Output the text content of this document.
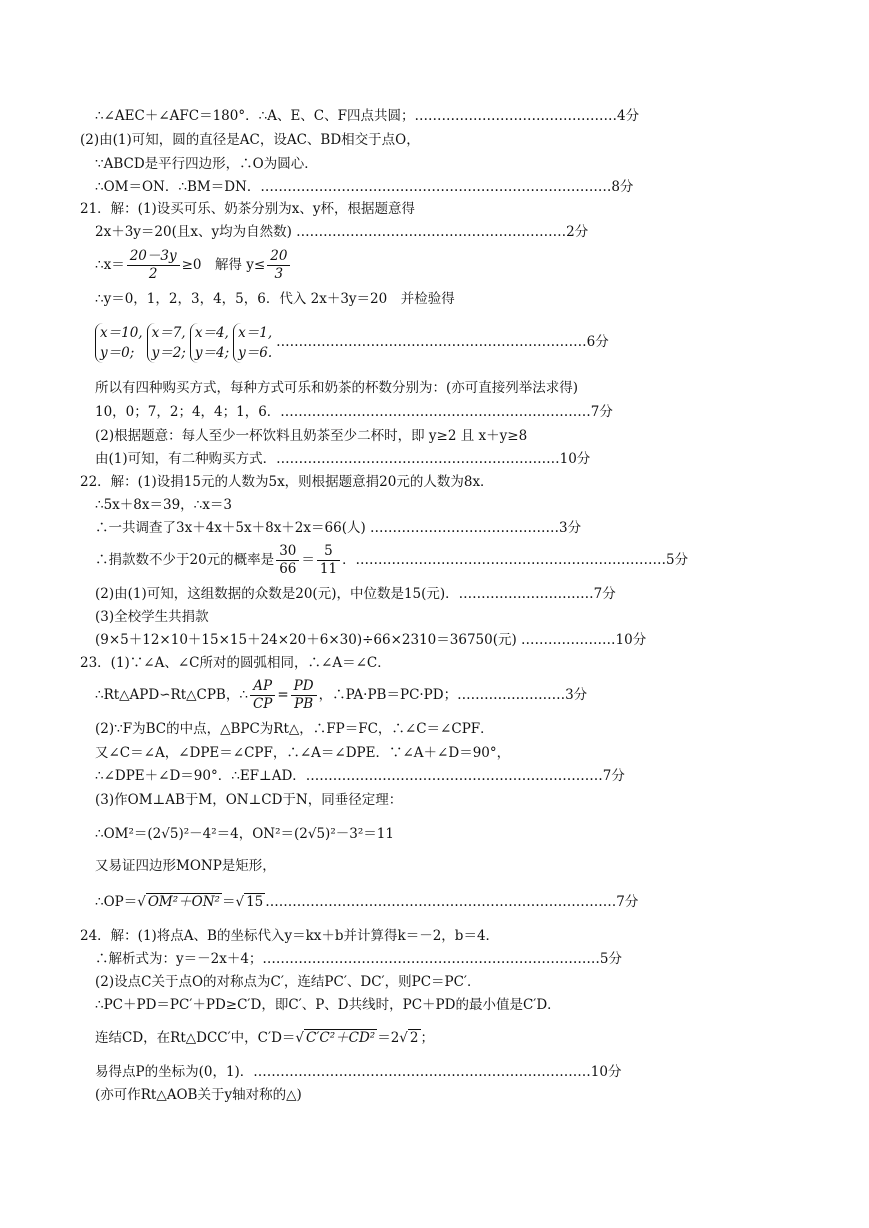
∴∠AEC＋∠AFC＝180°．∴A、E、C、F四点共圆；………………………………………4分
(2)由(1)可知，圆的直径是AC，设AC、BD相交于点O，
∵ABCD是平行四边形，∴O为圆心．
∴OM＝ON．∴BM＝DN．……………………………………………………………………8分
21．解：(1)设买可乐、奶茶分别为x、y杯，根据题意得
2x＋3y＝20(且x、y均为自然数) ……………………………………………………2分
∴x＝ $\frac{20-3y}{2} \ge 0$　解得 $y\le \frac{20}{3}$
∴y＝0，1，2，3，4，5，6．代入 2x＋3y＝20　并检验得
x＝10,
y＝0;
x＝7,
y＝2;
x＝4,
y＝4;
x＝1,
y＝6.
……………………………………………………………6分
所以有四种购买方式，每种方式可乐和奶茶的杯数分别为：(亦可直接列举法求得)
10，0；7，2；4，4；1，6．……………………………………………………………7分
(2)根据题意：每人至少一杯饮料且奶茶至少二杯时，即 y≥2 且 x＋y≥8
由(1)可知，有二种购买方式．………………………………………………………10分
22．解：(1)设捐15元的人数为5x，则根据题意捐20元的人数为8x．
∴5x＋8x＝39，∴x＝3
∴一共调查了3x＋4x＋5x＋8x＋2x＝66(人) ……………………………………3分
∴捐款数不少于20元的概率是 $\frac{30}{66} = \frac{5}{11}$ ．……………………………………………………………5分
(2)由(1)可知，这组数据的众数是20(元)，中位数是15(元)．…………………………7分
(3)全校学生共捐款
(9×5＋12×10＋15×15＋24×20＋6×30)÷66×2310＝36750(元) …………………10分
23．(1)∵∠A、∠C所对的圆弧相同，∴∠A＝∠C．
∴Rt△APD∽Rt△CPB，∴ $\frac{AP}{CP} = \frac{PD}{PB}$ ，∴PA·PB＝PC·PD；……………………3分
(2)∵F为BC的中点，△BPC为Rt△，∴FP＝FC，∴∠C＝∠CPF．
又∠C＝∠A，∠DPE＝∠CPF，∴∠A＝∠DPE．∵∠A＋∠D＝90°，
∴∠DPE＋∠D＝90°．∴EF⊥AD．…………………………………………………………7分
(3)作OM⊥AB于M，ON⊥CD于N，同垂径定理：
∴OM²＝(2√5)²－4²＝4，ON²＝(2√5)²－3²＝11
又易证四边形MONP是矩形，
∴OP＝√ OM²＋ON² ＝√ 15 ……………………………………………………………………7分
24．解：(1)将点A、B的坐标代入y＝kx＋b并计算得k＝－2，b＝4．
∴解析式为：y＝－2x＋4；…………………………………………………………………5分
(2)设点C关于点O的对称点为C′，连结PC′、DC′，则PC＝PC′．
∴PC＋PD＝PC′＋PD≥C′D，即C′、P、D共线时，PC＋PD的最小值是C′D．
连结CD，在Rt△DCC′中，C′D＝√ C′C²＋CD² ＝2√ 2 ；
易得点P的坐标为(0，1)．…………………………………………………………………10分
(亦可作Rt△AOB关于y轴对称的△)
